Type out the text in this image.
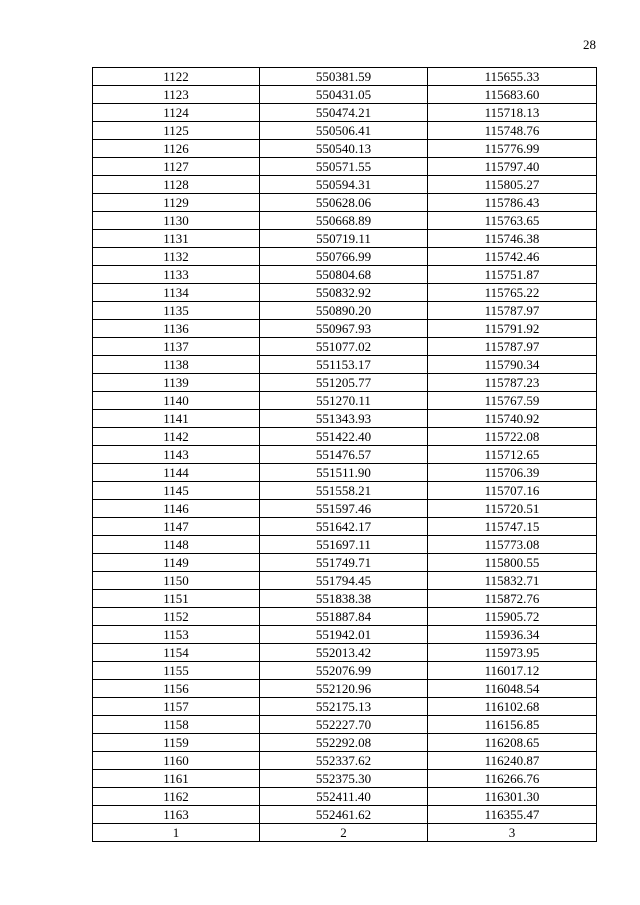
28
1122	550381.59	115655.33
1123	550431.05	115683.60
1124	550474.21	115718.13
1125	550506.41	115748.76
1126	550540.13	115776.99
1127	550571.55	115797.40
1128	550594.31	115805.27
1129	550628.06	115786.43
1130	550668.89	115763.65
1131	550719.11	115746.38
1132	550766.99	115742.46
1133	550804.68	115751.87
1134	550832.92	115765.22
1135	550890.20	115787.97
1136	550967.93	115791.92
1137	551077.02	115787.97
1138	551153.17	115790.34
1139	551205.77	115787.23
1140	551270.11	115767.59
1141	551343.93	115740.92
1142	551422.40	115722.08
1143	551476.57	115712.65
1144	551511.90	115706.39
1145	551558.21	115707.16
1146	551597.46	115720.51
1147	551642.17	115747.15
1148	551697.11	115773.08
1149	551749.71	115800.55
1150	551794.45	115832.71
1151	551838.38	115872.76
1152	551887.84	115905.72
1153	551942.01	115936.34
1154	552013.42	115973.95
1155	552076.99	116017.12
1156	552120.96	116048.54
1157	552175.13	116102.68
1158	552227.70	116156.85
1159	552292.08	116208.65
1160	552337.62	116240.87
1161	552375.30	116266.76
1162	552411.40	116301.30
1163	552461.62	116355.47
1	2	3
